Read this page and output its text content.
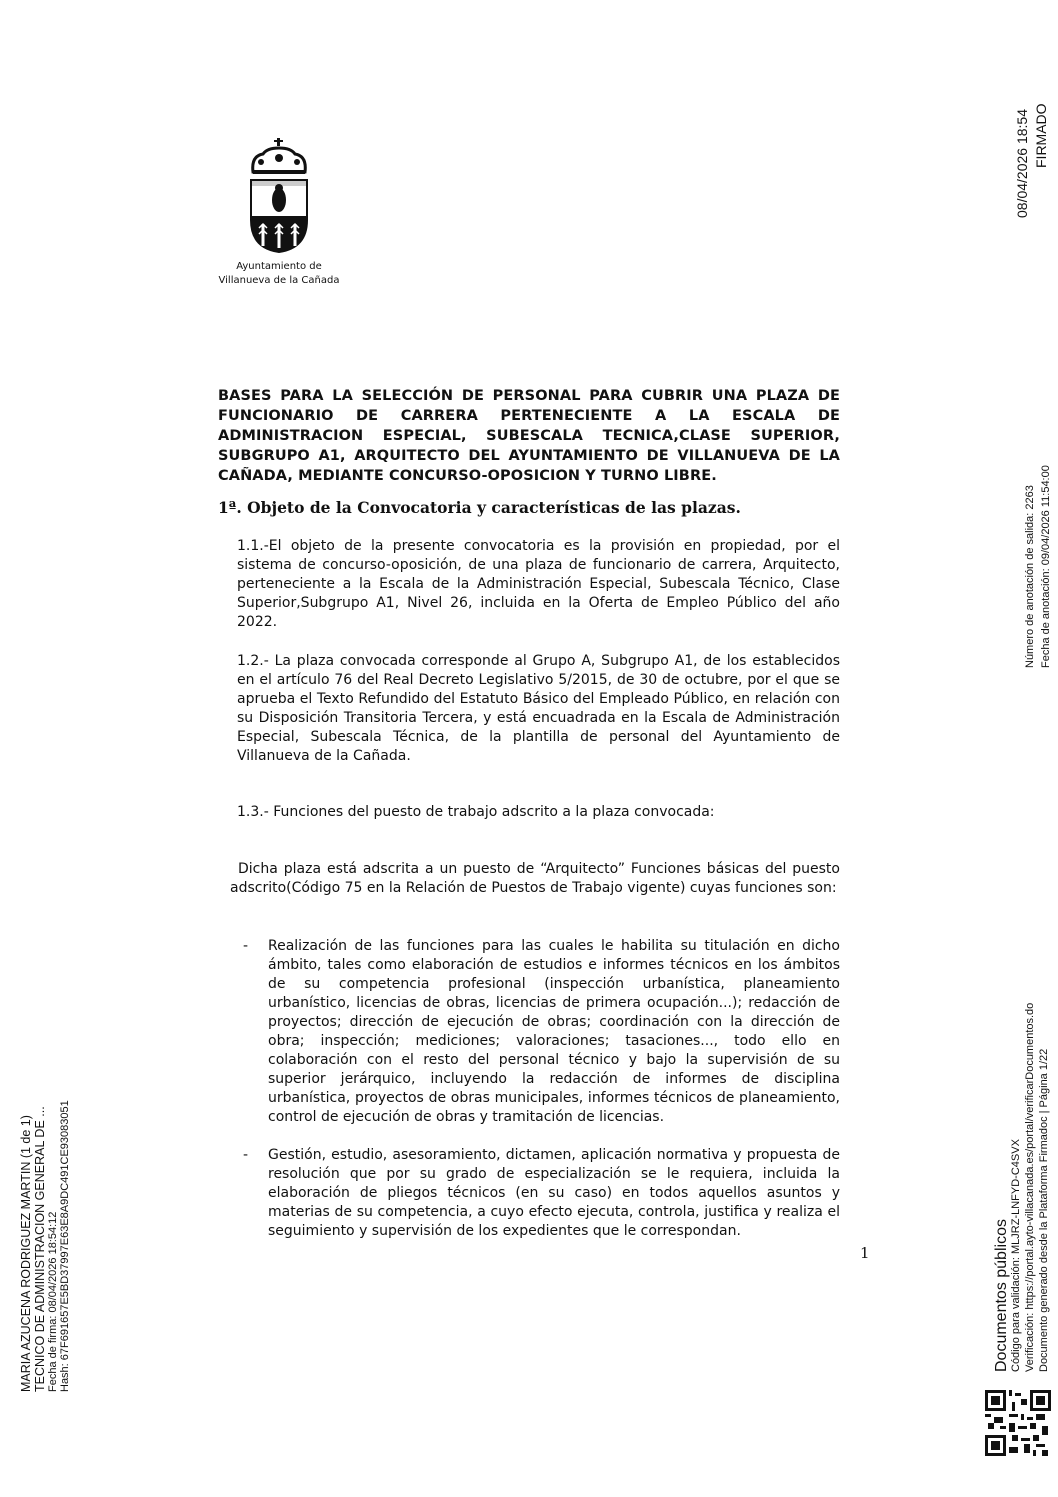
Ayuntamiento de
Villanueva de la Cañada
BASES PARA LA SELECCIÓN DE PERSONAL PARA CUBRIR UNA PLAZA DE FUNCIONARIO DE CARRERA PERTENECIENTE A LA ESCALA DE ADMINISTRACION ESPECIAL, SUBESCALA TECNICA,CLASE SUPERIOR, SUBGRUPO A1, ARQUITECTO DEL AYUNTAMIENTO DE VILLANUEVA DE LA CAÑADA, MEDIANTE CONCURSO-OPOSICION Y TURNO LIBRE.
1ª. Objeto de la Convocatoria y características de las plazas.
1.1.-El objeto de la presente convocatoria es la provisión en propiedad, por el sistema de concurso-oposición, de una plaza de funcionario de carrera, Arquitecto, perteneciente a la Escala de la Administración Especial, Subescala Técnico, Clase Superior,Subgrupo A1, Nivel 26, incluida en la Oferta de Empleo Público del año 2022.
1.2.- La plaza convocada corresponde al Grupo A, Subgrupo A1, de los establecidos en el artículo 76 del Real Decreto Legislativo 5/2015, de 30 de octubre, por el que se aprueba el Texto Refundido del Estatuto Básico del Empleado Público, en relación con su Disposición Transitoria Tercera, y está encuadrada en la Escala de Administración Especial, Subescala Técnica, de la plantilla de personal del Ayuntamiento de Villanueva de la Cañada.
1.3.- Funciones del puesto de trabajo adscrito a la plaza convocada:
Dicha plaza está adscrita a un puesto de “Arquitecto” Funciones básicas del puesto adscrito(Código 75 en la Relación de Puestos de Trabajo vigente) cuyas funciones son:
- Realización de las funciones para las cuales le habilita su titulación en dicho ámbito, tales como elaboración de estudios e informes técnicos en los ámbitos de su competencia profesional (inspección urbanística, planeamiento urbanístico, licencias de obras, licencias de primera ocupación...); redacción de proyectos; dirección de ejecución de obras; coordinación con la dirección de obra; inspección; mediciones; valoraciones; tasaciones..., todo ello en colaboración con el resto del personal técnico y bajo la supervisión de su superior jerárquico, incluyendo la redacción de informes de disciplina urbanística, proyectos de obras municipales, informes técnicos de planeamiento, control de ejecución de obras y tramitación de licencias.
- Gestión, estudio, asesoramiento, dictamen, aplicación normativa y propuesta de resolución que por su grado de especialización se le requiera, incluida la elaboración de pliegos técnicos (en su caso) en todos aquellos asuntos y materias de su competencia, a cuyo efecto ejecuta, controla, justifica y realiza el seguimiento y supervisión de los expedientes que le correspondan.
1
08/04/2026 18:54 FIRMADO
Número de anotación de salida: 2263 Fecha de anotación: 09/04/2026 11:54:00
Documentos públicos Código para validación: MLJRZ-LNFYD-C4SVX Verificación: https://portal.ayto-villacanada.es/portal/verificarDocumentos.do Documento generado desde la Plataforma Firmadoc | Página 1/22
MARIA AZUCENA RODRIGUEZ MARTIN (1 de 1) TECNICO DE ADMINISTRACION GENERAL DE ... Fecha de firma: 08/04/2026 18:54:12 Hash: 67F691657E5BD37997E63E8A9DC491CE93083051
